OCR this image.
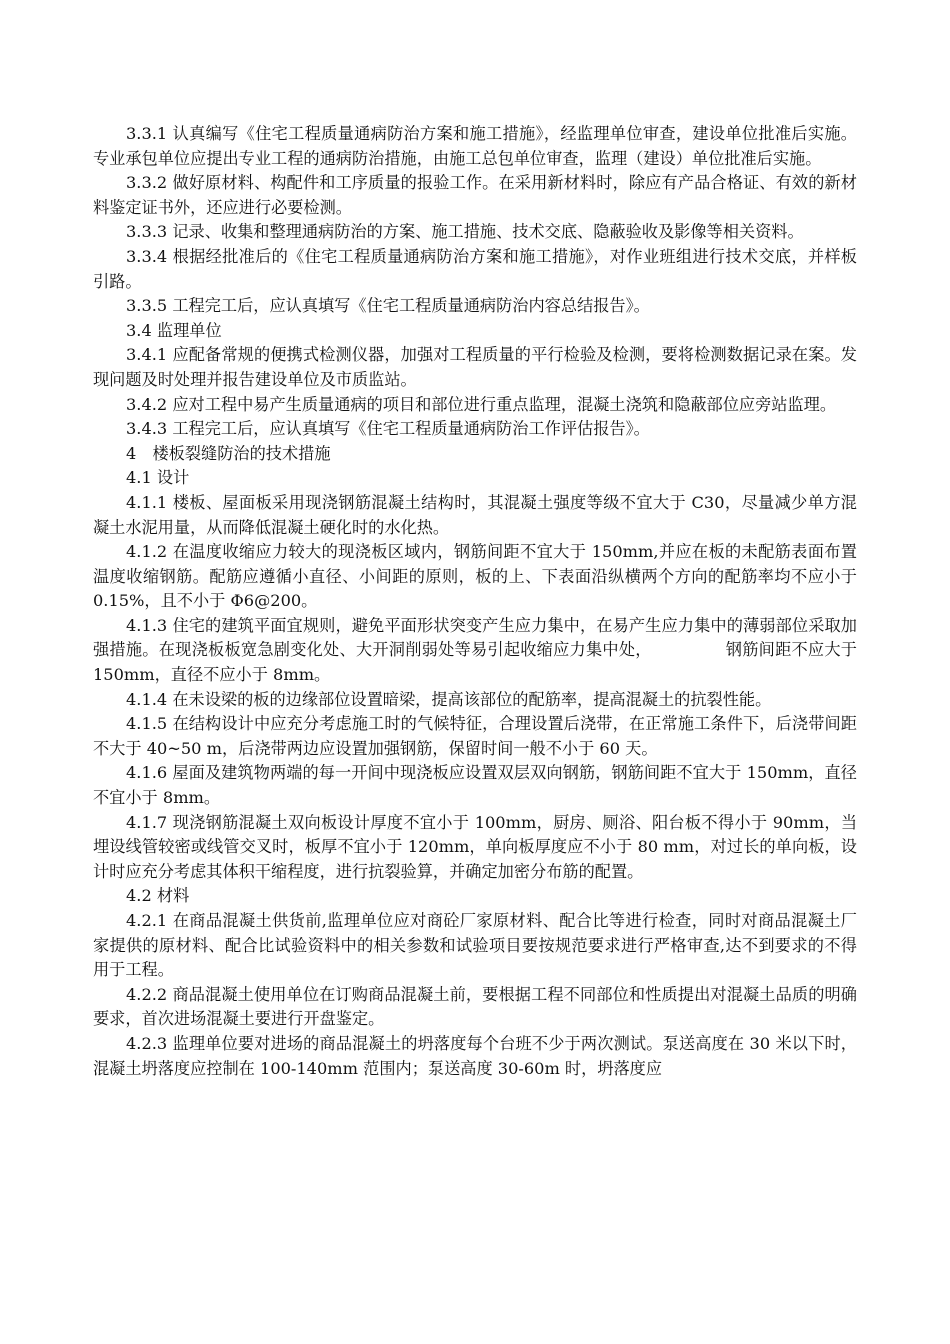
3.3.1 认真编写《住宅工程质量通病防治方案和施工措施》，经监理单位审查，建设单位批准后实施。专业承包单位应提出专业工程的通病防治措施，由施工总包单位审查，监理（建设）单位批准后实施。

3.3.2 做好原材料、构配件和工序质量的报验工作。在采用新材料时，除应有产品合格证、有效的新材料鉴定证书外，还应进行必要检测。

3.3.3 记录、收集和整理通病防治的方案、施工措施、技术交底、隐蔽验收及影像等相关资料。

3.3.4 根据经批准后的《住宅工程质量通病防治方案和施工措施》，对作业班组进行技术交底，并样板引路。

3.3.5 工程完工后，应认真填写《住宅工程质量通病防治内容总结报告》。

3.4 监理单位

3.4.1 应配备常规的便携式检测仪器，加强对工程质量的平行检验及检测，要将检测数据记录在案。发现问题及时处理并报告建设单位及市质监站。

3.4.2 应对工程中易产生质量通病的项目和部位进行重点监理，混凝土浇筑和隐蔽部位应旁站监理。

3.4.3 工程完工后，应认真填写《住宅工程质量通病防治工作评估报告》。

4　楼板裂缝防治的技术措施

4.1 设计

4.1.1 楼板、屋面板采用现浇钢筋混凝土结构时，其混凝土强度等级不宜大于 C30，尽量减少单方混凝土水泥用量，从而降低混凝土硬化时的水化热。

4.1.2 在温度收缩应力较大的现浇板区域内，钢筋间距不宜大于 150mm,并应在板的未配筋表面布置温度收缩钢筋。配筋应遵循小直径、小间距的原则，板的上、下表面沿纵横两个方向的配筋率均不应小于 0.15%，且不小于 Φ6@200。

4.1.3 住宅的建筑平面宜规则，避免平面形状突变产生应力集中，在易产生应力集中的薄弱部位采取加强措施。在现浇板板宽急剧变化处、大开洞削弱处等易引起收缩应力集中处，　　　　　钢筋间距不应大于 150mm，直径不应小于 8mm。

4.1.4 在未设梁的板的边缘部位设置暗梁，提高该部位的配筋率，提高混凝土的抗裂性能。

4.1.5 在结构设计中应充分考虑施工时的气候特征，合理设置后浇带，在正常施工条件下，后浇带间距不大于 40~50 m，后浇带两边应设置加强钢筋，保留时间一般不小于 60 天。

4.1.6 屋面及建筑物两端的每一开间中现浇板应设置双层双向钢筋，钢筋间距不宜大于 150mm，直径不宜小于 8mm。

4.1.7 现浇钢筋混凝土双向板设计厚度不宜小于 100mm，厨房、厕浴、阳台板不得小于 90mm，当埋设线管较密或线管交叉时，板厚不宜小于 120mm，单向板厚度应不小于 80 mm，对过长的单向板，设计时应充分考虑其体积干缩程度，进行抗裂验算，并确定加密分布筋的配置。

4.2 材料

4.2.1 在商品混凝土供货前,监理单位应对商砼厂家原材料、配合比等进行检查，同时对商品混凝土厂家提供的原材料、配合比试验资料中的相关参数和试验项目要按规范要求进行严格审查,达不到要求的不得用于工程。

4.2.2 商品混凝土使用单位在订购商品混凝土前，要根据工程不同部位和性质提出对混凝土品质的明确要求，首次进场混凝土要进行开盘鉴定。

4.2.3 监理单位要对进场的商品混凝土的坍落度每个台班不少于两次测试。泵送高度在 30 米以下时，混凝土坍落度应控制在 100-140mm 范围内；泵送高度 30-60m 时，坍落度应
